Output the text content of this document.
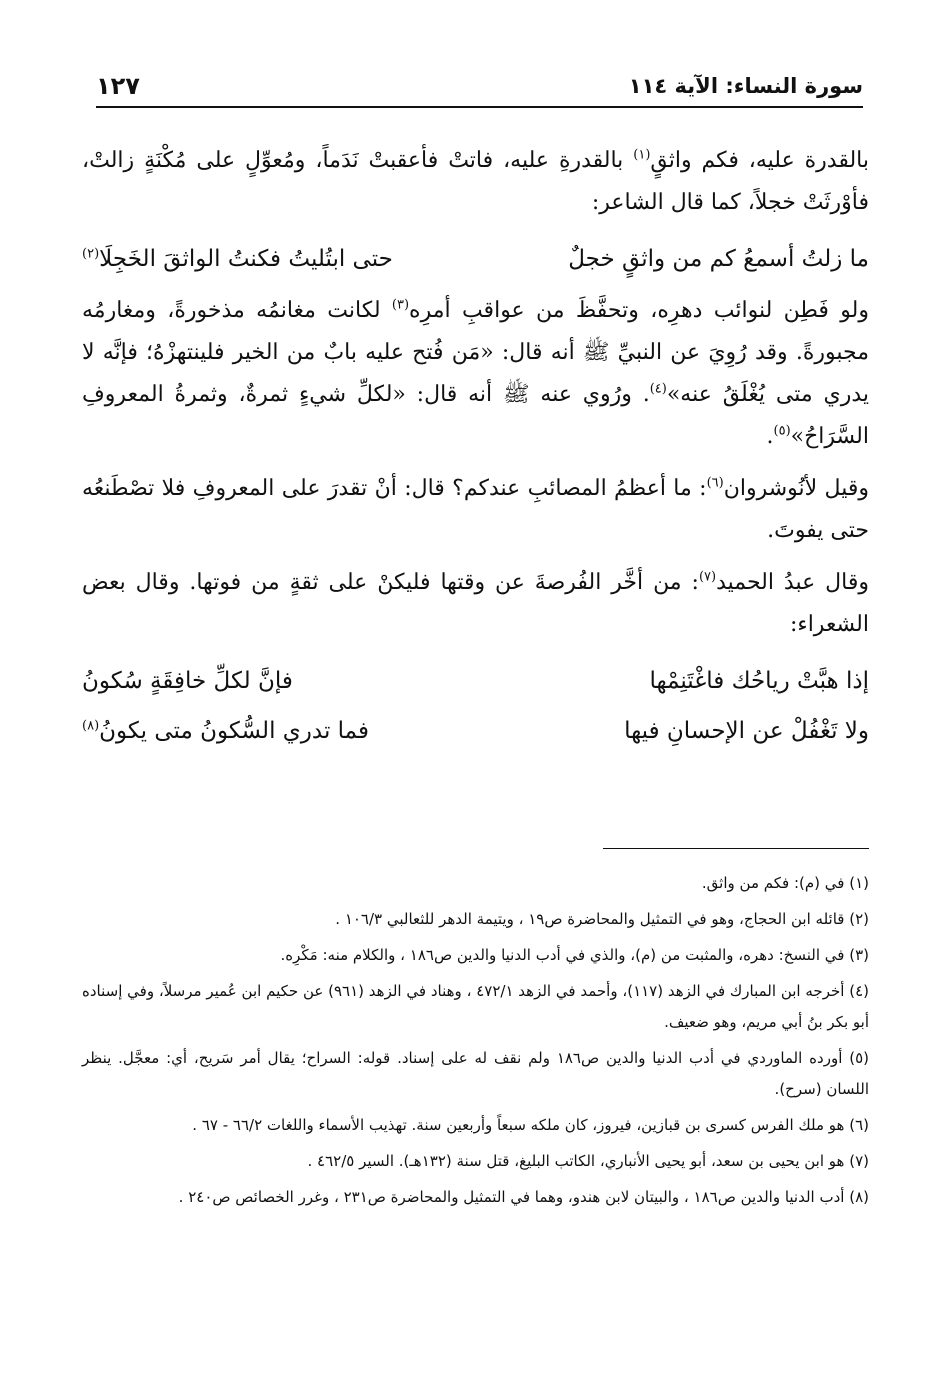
سورة النساء: الآية ١١٤
١٢٧

بالقدرة عليه، فكم واثقٍ$^{(١)}$ بالقدرةِ عليه، فاتتْ فأعقبتْ نَدَماً، ومُعوِّلٍ على مُكْنَةٍ زالتْ، فأوْرثَتْ خجلاً، كما قال الشاعر:

ما زلتُ أسمعُ كم من واثقٍ خجلٌ
حتى ابتُليتُ فكنتُ الواثقَ الخَجِلَا$^{(٢)}$

ولو فَطِن لنوائب دهرِه، وتحفَّظَ من عواقبِ أمرِه$^{(٣)}$ لكانت مغانمُه مذخورةً، ومغارمُه مجبورةً. وقد رُوِيَ عن النبيِّ ﷺ أنه قال: «مَن فُتح عليه بابٌ من الخير فلينتهزْهُ؛ فإنَّه لا يدري متى يُغْلَقُ عنه»$^{(٤)}$. ورُوي عنه ﷺ أنه قال: «لكلِّ شيءٍ ثمرةٌ، وثمرةُ المعروفِ السَّرَاحُ»$^{(٥)}$.

وقيل لأنُوشروان$^{(٦)}$: ما أعظمُ المصائبِ عندكم؟ قال: أنْ تقدرَ على المعروفِ فلا تصْطَنعُه حتى يفوتَ.

وقال عبدُ الحميد$^{(٧)}$: من أخَّر الفُرصةَ عن وقتها فليكنْ على ثقةٍ من فوتها. وقال بعض الشعراء:

إذا هبَّتْ رياحُك فاغْتَنِمْها
فإنَّ لكلِّ خافِقَةٍ سُكونُ
ولا تَغْفُلْ عن الإحسانِ فيها
فما تدري السُّكونُ متى يكونُ$^{(٨)}$

(١) في (م): فكم من واثق.

(٢) قائله ابن الحجاج، وهو في التمثيل والمحاضرة ص١٩ ، ويتيمة الدهر للثعالبي ١٠٦/٣ .

(٣) في النسخ: دهره، والمثبت من (م)، والذي في أدب الدنيا والدين ص١٨٦ ، والكلام منه: مَكْرِه.

(٤) أخرجه ابن المبارك في الزهد (١١٧)، وأحمد في الزهد ٤٧٢/١ ، وهناد في الزهد (٩٦١) عن حكيم ابن عُمير مرسلاً، وفي إسناده أبو بكر بنُ أبي مريم، وهو ضعيف.

(٥) أورده الماوردي في أدب الدنيا والدين ص١٨٦ ولم نقف له على إسناد. قوله: السراح؛ يقال أمر سَريح، أي: معجَّل. ينظر اللسان (سرح).

(٦) هو ملك الفرس كسرى بن قبازين، فيروز، كان ملكه سبعاً وأربعين سنة. تهذيب الأسماء واللغات ٦٦/٢ - ٦٧ .

(٧) هو ابن يحيى بن سعد، أبو يحيى الأنباري، الكاتب البليغ، قتل سنة (١٣٢هـ). السير ٤٦٢/٥ .

(٨) أدب الدنيا والدين ص١٨٦ ، والبيتان لابن هندو، وهما في التمثيل والمحاضرة ص٢٣١ ، وغرر الخصائص ص٢٤٠ .
